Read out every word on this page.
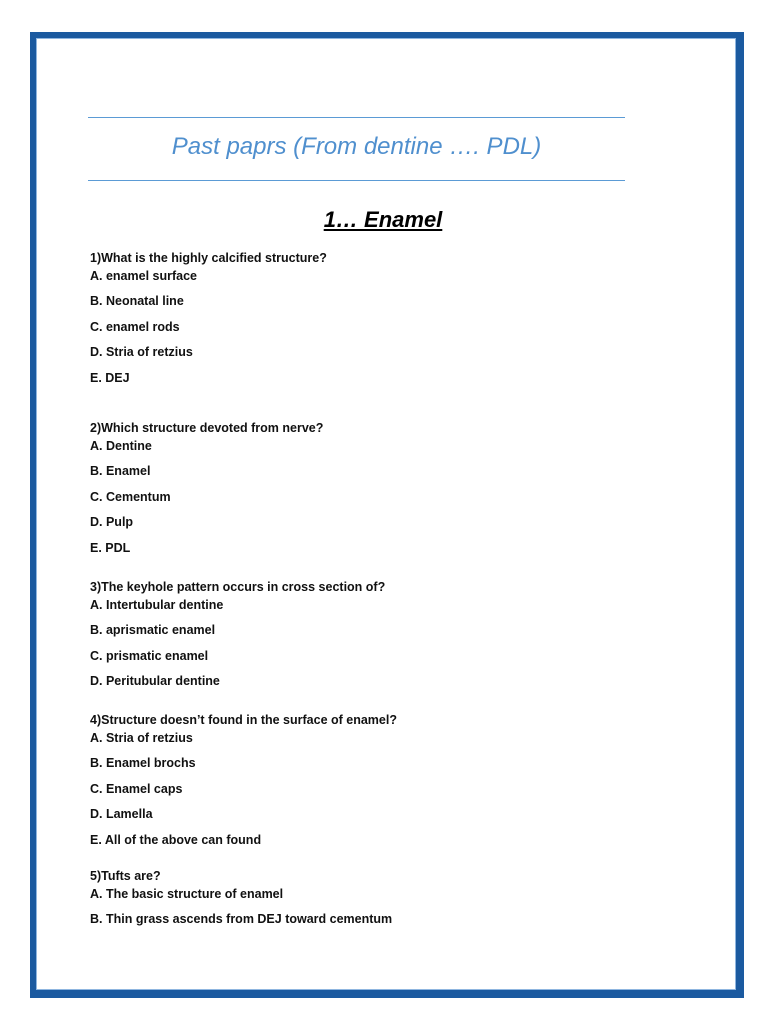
Past paprs (From dentine …. PDL)
1… Enamel
1)What is the highly calcified structure?
A. enamel surface
B. Neonatal line
C. enamel rods
D. Stria of retzius
E. DEJ
2)Which structure devoted from nerve?
A. Dentine
B. Enamel
C. Cementum
D. Pulp
E. PDL
3)The keyhole pattern occurs in cross section of?
A. Intertubular dentine
B. aprismatic enamel
C. prismatic enamel
D. Peritubular dentine
4)Structure doesn’t found in the surface of enamel?
A. Stria of retzius
B. Enamel brochs
C. Enamel caps
D. Lamella
E. All of the above can found
5)Tufts are?
A. The basic structure of enamel
B. Thin grass ascends from DEJ toward cementum
